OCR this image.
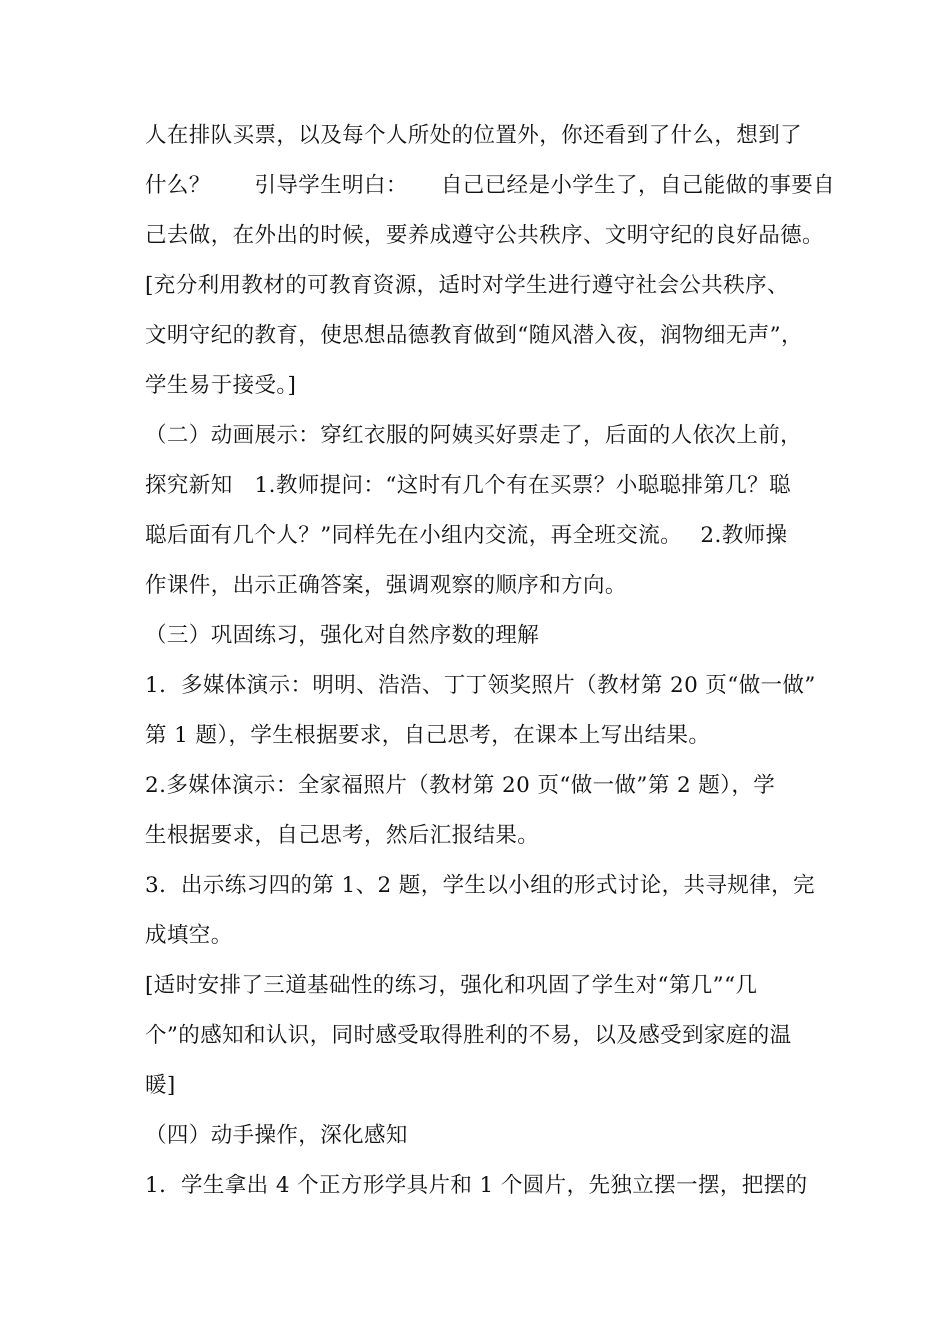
人在排队买票，以及每个人所处的位置外，你还看到了什么，想到了
什么？　　引导学生明白：　　自己已经是小学生了，自己能做的事要自
己去做，在外出的时候，要养成遵守公共秩序、文明守纪的良好品德。
[充分利用教材的可教育资源，适时对学生进行遵守社会公共秩序、
文明守纪的教育，使思想品德教育做到“随风潜入夜，润物细无声”，
学生易于接受。]
（二）动画展示：穿红衣服的阿姨买好票走了，后面的人依次上前，
探究新知　1.教师提问：“这时有几个有在买票？小聪聪排第几？聪
聪后面有几个人？”同样先在小组内交流，再全班交流。　 2.教师操
作课件，出示正确答案，强调观察的顺序和方向。
（三）巩固练习，强化对自然序数的理解
1．多媒体演示：明明、浩浩、丁丁领奖照片（教材第 20 页“做一做”
第 1 题），学生根据要求，自己思考，在课本上写出结果。
2.多媒体演示：全家福照片（教材第 20 页“做一做”第 2 题），学
生根据要求，自己思考，然后汇报结果。
3．出示练习四的第 1、2 题，学生以小组的形式讨论，共寻规律，完
成填空。
[适时安排了三道基础性的练习，强化和巩固了学生对“第几”“几
个”的感知和认识，同时感受取得胜利的不易，以及感受到家庭的温
暖]
（四）动手操作，深化感知
1．学生拿出 4 个正方形学具片和 1 个圆片，先独立摆一摆，把摆的
